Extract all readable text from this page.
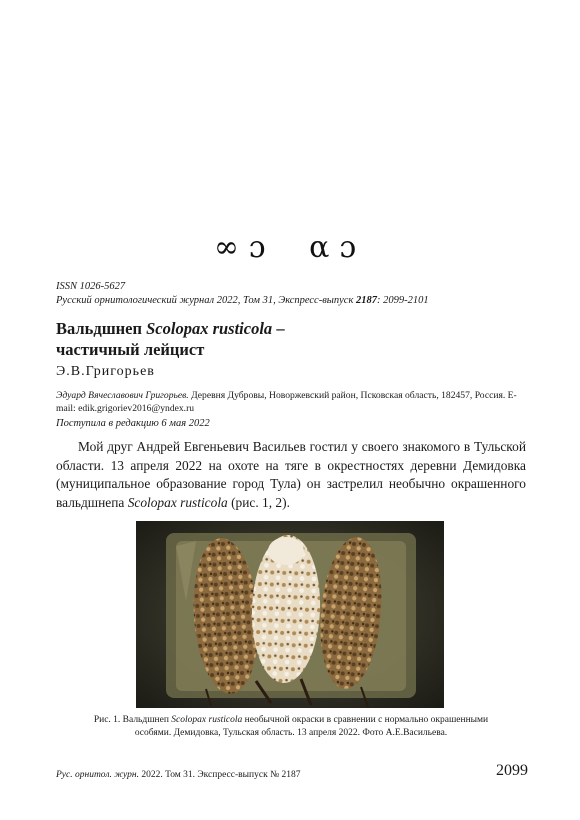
∞ɔ αɔ
ISSN 1026-5627
Русский орнитологический журнал 2022, Том 31, Экспресс-выпуск 2187: 2099-2101
Вальдшнеп Scolopax rusticola –
частичный лейцист
Э.В.Григорьев
Эдуард Вячеславович Григорьев. Деревня Дубровы, Новоржевский район, Псковская область, 182457, Россия. E-mail: edik.grigoriev2016@yndex.ru
Поступила в редакцию 6 мая 2022

Мой друг Андрей Евгеньевич Васильев гостил у своего знакомого в Тульской области. 13 апреля 2022 на охоте на тяге в окрестностях деревни Демидовка (муниципальное образование город Тула) он застрелил необычно окрашенного вальдшнепа Scolopax rusticola (рис. 1, 2).

Рис. 1. Вальдшнеп Scolopax rusticola необычной окраски в сравнении с нормально окрашенными особями. Демидовка, Тульская область. 13 апреля 2022. Фото А.Е.Васильева.
Рус. орнитол. журн. 2022. Том 31. Экспресс-выпуск № 2187	2099
